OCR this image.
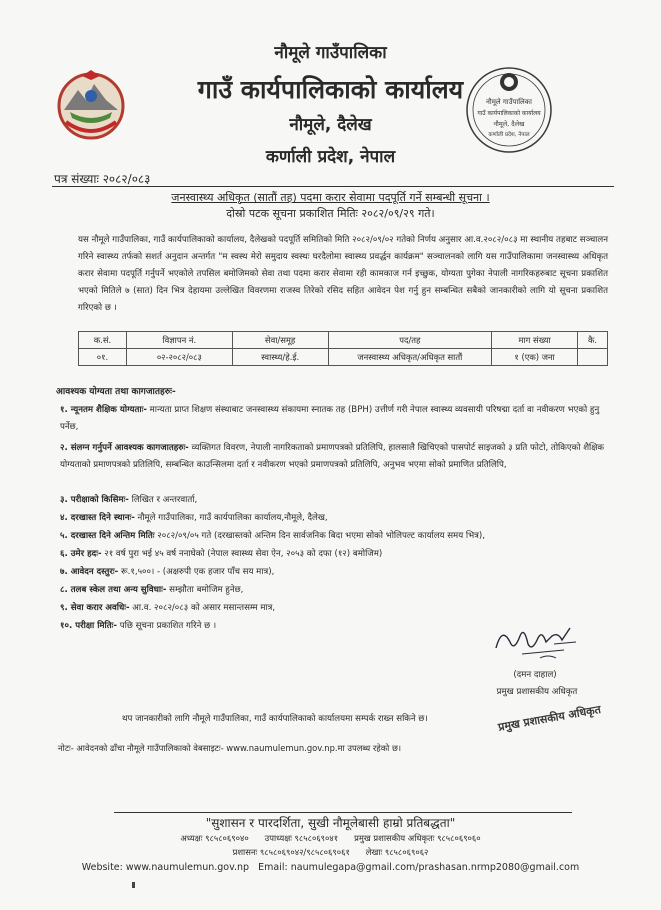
नौमूले गाउँपालिका
गाउँ कार्यपालिकाको कार्यालय
नौमूले, दैलेख
कर्णाली प्रदेश, नेपाल
नौमूले गाउँपालिका
गाउँ कार्यपालिकाको कार्यालय
नौमूले, दैलेख
कर्णाली प्रदेश, नेपाल
पत्र संख्याः २०८२/०८३
जनस्वास्थ्य अधिकृत (सातौं तह) पदमा करार सेवामा पदपूर्ति गर्ने सम्बन्धी सूचना ।
दोस्रो पटक सूचना प्रकाशित मितिः २०८२/०९/२९ गते।
यस नौमूले गाउँपालिका, गाउँ कार्यपालिकाको कार्यालय, दैलेखको पदपूर्ति समितिको मिति २०८२/०९/०२ गतेको निर्णय अनुसार आ.व.२०८२/०८३ मा स्थानीय तहबाट सञ्चालन गरिने स्वास्थ्य तर्फको सशर्त अनुदान अन्तर्गत "म स्वस्थ मेरो समुदाय स्वस्थः घरदैलोमा स्वास्थ्य प्रवर्द्धन कार्यक्रम" सञ्चालनको लागि यस गाउँपालिकामा जनस्वास्थ्य अधिकृत करार सेवामा पदपूर्ति गर्नुपर्ने भएकोले तपसिल बमोजिमको सेवा तथा पदमा करार सेवामा रही कामकाज गर्न इच्छुक, योग्यता पुगेका नेपाली नागरिकहरुबाट सूचना प्रकाशित भएको मितिले ७ (सात) दिन भित्र देहायमा उल्लेखित विवरणमा राजस्व तिरेको रसिद सहित आवेदन पेश गर्नु हुन सम्बन्धित सबैको जानकारीको लागि यो सूचना प्रकाशित गरिएको छ ।
क.सं.	विज्ञापन नं.	सेवा/समूह	पद/तह	माग संख्या	कै.
०१.	०२-२०८२/०८३	स्वास्थ्य/हे.ई.	जनस्वास्थ्य अधिकृत/अधिकृत सातौं	१ (एक) जना	
आवश्यक योग्यता तथा कागजातहरुः-
१. न्यूनतम शैक्षिक योग्यताः- मान्यता प्राप्त शिक्षण संस्थाबाट जनस्वास्थ्य संकायमा स्नातक तह (BPH) उत्तीर्ण गरी नेपाल स्वास्थ्य व्यवसायी परिषद्मा दर्ता वा नवीकरण भएको हुनु पर्नेछ,
२. संलग्न गर्नुपर्ने आवश्यक कागजातहरुः- व्यक्तिगत विवरण, नेपाली नागरिकताको प्रमाणपत्रको प्रतिलिपि, हालसालै खिचिएको पासपोर्ट साइजको ३ प्रति फोटो, तोकिएको शैक्षिक योग्यताको प्रमाणपत्रको प्रतिलिपि, सम्बन्धित काउन्सिलमा दर्ता र नवीकरण भएको प्रमाणपत्रको प्रतिलिपि, अनुभव भएमा सोको प्रमाणित प्रतिलिपि,
३. परीक्षाको किसिमः- लिखित र अन्तरवार्ता,
४. दरखास्त दिने स्थानः- नौमूले गाउँपालिका, गाउँ कार्यपालिका कार्यालय,नौमूले, दैलेख,
५. दरखास्त दिने अन्तिम मितिः २०८२/०९/०५ गते (दरखास्तको अन्तिम दिन सार्वजनिक बिदा भएमा सोको भोलिपल्ट कार्यालय समय भित्र),
६. उमेर हदः- २१ वर्ष पुरा भई ४५ वर्ष ननाघेको (नेपाल स्वास्थ्य सेवा ऐन, २०५३ को दफा (१२) बमोजिम)
७. आवेदन दस्तुरः- रू.१,५००। - (अक्षरुपी एक हजार पाँच सय मात्र),
८. तलब स्केल तथा अन्य सुविधाः- सम्झौता बमोजिम हुनेछ,
९. सेवा करार अवधिः- आ.व. २०८२/०८३ को असार मसान्तसम्म मात्र,
१०. परीक्षा मितिः- पछि सूचना प्रकाशित गरिने छ ।
(दमन दाहाल)
प्रमुख प्रशासकीय अधिकृत
थप जानकारीको लागि नौमूले गाउँपालिका, गाउँ कार्यपालिकाको कार्यालयमा सम्पर्क राख्न सकिने छ।	प्रमुख प्रशासकीय अधिकृत
नोटः- आवेदनको ढाँचा नौमूले गाउँपालिकाको वेबसाइटः- www.naumulemun.gov.np.मा उपलब्ध रहेको छ।
"सुशासन र पारदर्शिता, सुखी नौमूलेबासी हाम्रो प्रतिबद्धता"
अध्यक्षः ९८५८०६९०४० उपाध्यक्षः ९८५८०६९०४१ प्रमुख प्रशासकीय अधिकृतः ९८५८०६९०६०
प्रशासनः ९८५८०६९०४२/९८५८०६९०६१ लेखाः ९८५८०६९०६२
Website: www.naumulemun.gov.np Email: naumulegapa@gmail.com/prashasan.nrmp2080@gmail.com
